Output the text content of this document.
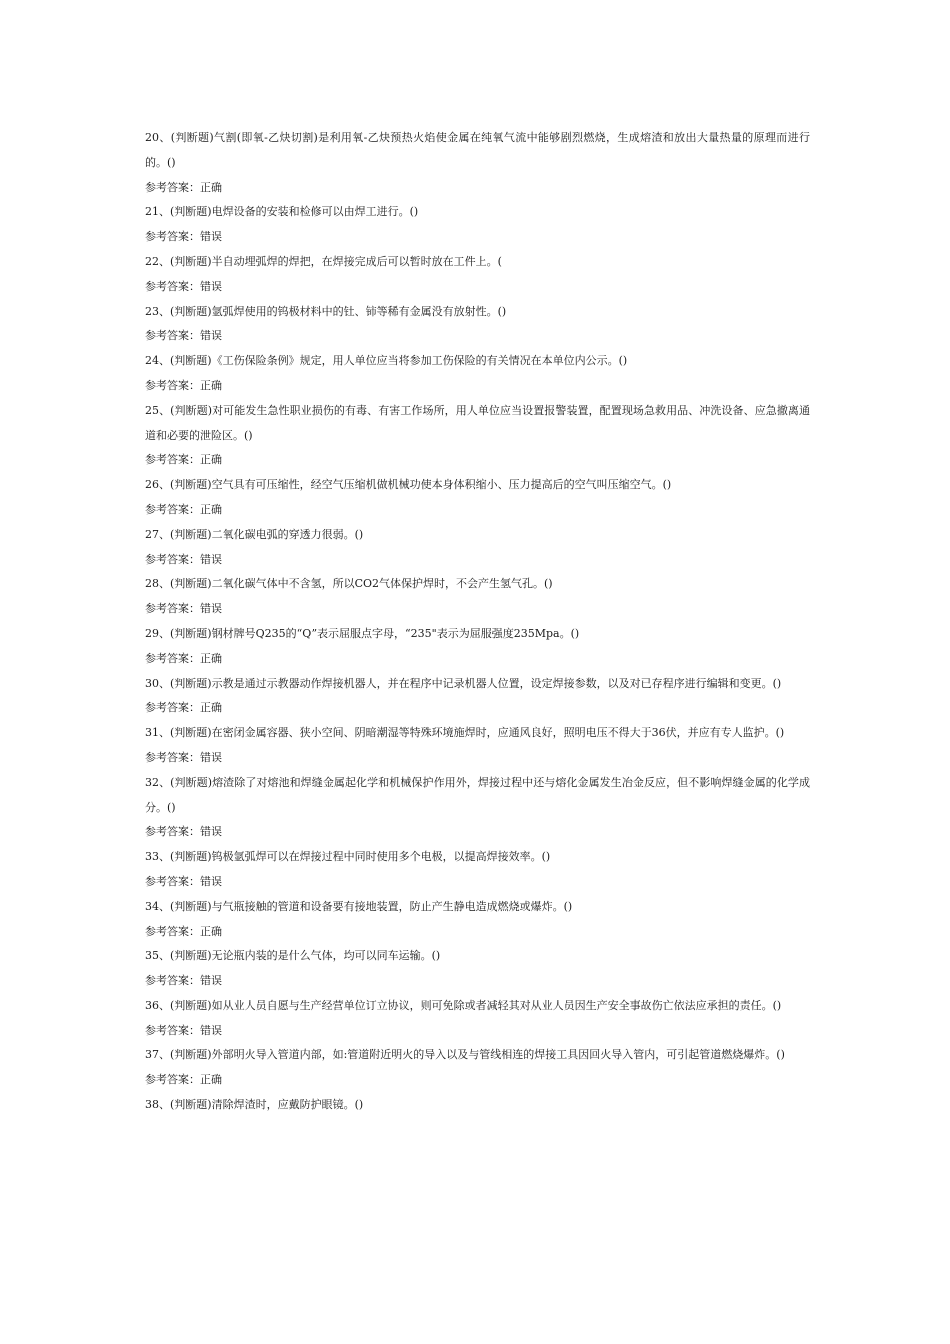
20、(判断题)气割(即氧-乙炔切割)是利用氧-乙炔预热火焰使金属在纯氧气流中能够剧烈燃烧，生成熔渣和放出大量热量的原理而进行的。()

参考答案：正确

21、(判断题)电焊设备的安装和检修可以由焊工进行。()

参考答案：错误

22、(判断题)半自动埋弧焊的焊把，在焊接完成后可以暂时放在工件上。(

参考答案：错误

23、(判断题)氩弧焊使用的钨极材料中的钍、铈等稀有金属没有放射性。()

参考答案：错误

24、(判断题)《工伤保险条例》规定，用人单位应当将参加工伤保险的有关情况在本单位内公示。()

参考答案：正确

25、(判断题)对可能发生急性职业损伤的有毒、有害工作场所，用人单位应当设置报警装置，配置现场急救用品、冲洗设备、应急撤离通道和必要的泄险区。()

参考答案：正确

26、(判断题)空气具有可压缩性，经空气压缩机做机械功使本身体积缩小、压力提高后的空气叫压缩空气。()

参考答案：正确

27、(判断题)二氧化碳电弧的穿透力很弱。()

参考答案：错误

28、(判断题)二氧化碳气体中不含氢，所以CO2气体保护焊时，不会产生氢气孔。()

参考答案：错误

29、(判断题)钢材牌号Q235的“Q”表示屈服点字母，“235"表示为屈服强度235Mpa。()

参考答案：正确

30、(判断题)示教是通过示教器动作焊接机器人，并在程序中记录机器人位置，设定焊接参数，以及对已存程序进行编辑和变更。()

参考答案：正确

31、(判断题)在密闭金属容器、狭小空间、阴暗潮湿等特殊环境施焊时，应通风良好，照明电压不得大于36伏，并应有专人监护。()

参考答案：错误

32、(判断题)熔渣除了对熔池和焊缝金属起化学和机械保护作用外，焊接过程中还与熔化金属发生冶金反应，但不影响焊缝金属的化学成分。()

参考答案：错误

33、(判断题)钨极氩弧焊可以在焊接过程中同时使用多个电极，以提高焊接效率。()

参考答案：错误

34、(判断题)与气瓶接触的管道和设备要有接地装置，防止产生静电造成燃烧或爆炸。()

参考答案：正确

35、(判断题)无论瓶内装的是什么气体，均可以同车运输。()

参考答案：错误

36、(判断题)如从业人员自愿与生产经营单位订立协议，则可免除或者减轻其对从业人员因生产安全事故伤亡依法应承担的责任。()

参考答案：错误

37、(判断题)外部明火导入管道内部，如:管道附近明火的导入以及与管线相连的焊接工具因回火导入管内，可引起管道燃烧爆炸。()

参考答案：正确

38、(判断题)清除焊渣时，应戴防护眼镜。()
